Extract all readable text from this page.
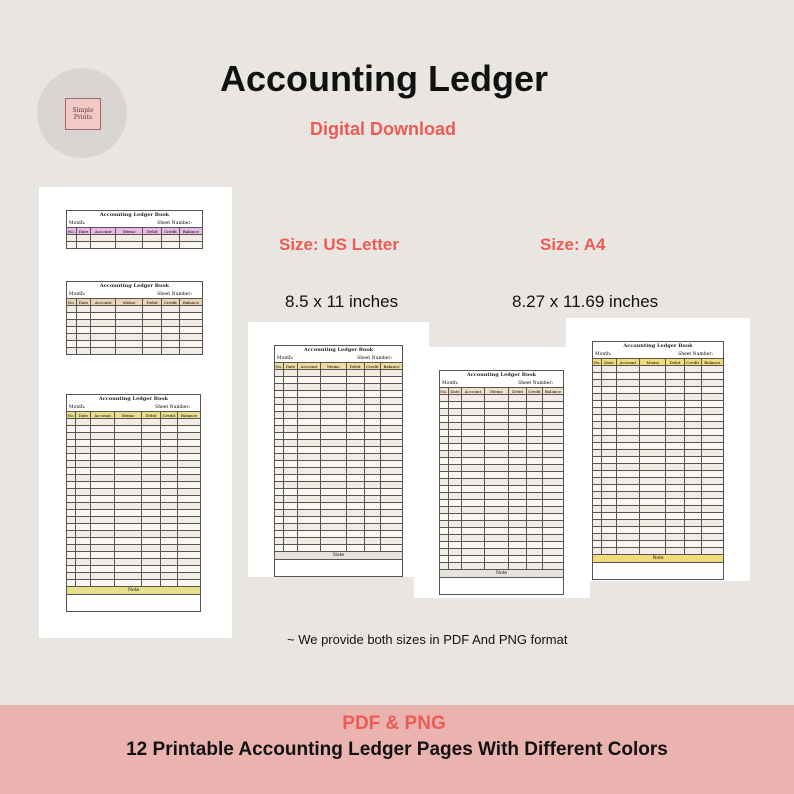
Simple Prints
Accounting Ledger
Digital Download
Size: US Letter	Size: A4
8.5 x 11 inches	8.27 x 11.69 inches
Accounting Ledger Book
Month:	Sheet Number:
No.	Date	Account	Memo	Debit	Credit	Balance

Accounting Ledger Book
Month:	Sheet Number:
No.	Date	Account	Memo	Debit	Credit	Balance

Accounting Ledger Book
Month:	Sheet Number:
No.	Date	Account	Memo	Debit	Credit	Balance

Note
Accounting Ledger Book
Month:	Sheet Number:
No.	Date	Account	Memo	Debit	Credit	Balance

Note
Accounting Ledger Book
Month:	Sheet Number:
No.	Date	Account	Memo	Debit	Credit	Balance

Note
Accounting Ledger Book
Month:	Sheet Number:
No.	Date	Account	Memo	Debit	Credit	Balance

Note
~ We provide both sizes in PDF And PNG format
PDF & PNG
12 Printable Accounting Ledger Pages With Different Colors
